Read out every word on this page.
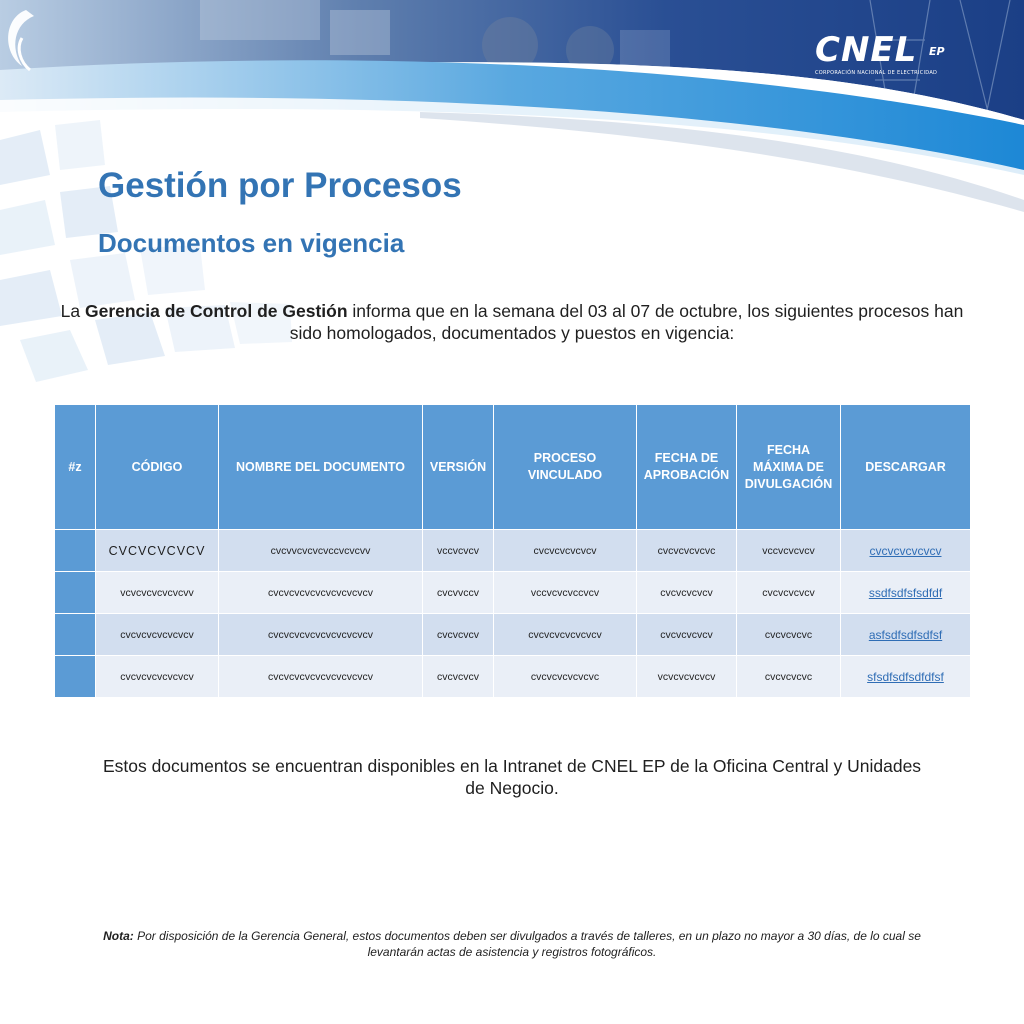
CNEL EP
CORPORACIÓN NACIONAL DE ELECTRICIDAD
Gestión por Procesos
Documentos en vigencia

La Gerencia de Control de Gestión informa que en la semana del 03 al 07 de octubre, los siguientes procesos han sido homologados, documentados y puestos en vigencia:

#z	CÓDIGO	NOMBRE DEL DOCUMENTO	VERSIÓN	PROCESO VINCULADO	FECHA DE APROBACIÓN	FECHA MÁXIMA DE DIVULGACIÓN	DESCARGAR
	CVCVCVCVCV	cvcvvcvcvcvccvcvcvv	vccvcvcv	cvcvcvcvcvcv	cvcvcvcvcvc	vccvcvcvcv	cvcvcvcvcvcv
	vcvcvcvcvcvcvv	cvcvcvcvcvcvcvcvcvcv	cvcvvccv	vccvcvcvccvcv	cvcvcvcvcv	cvcvcvcvcv	ssdfsdfsfsdfdf
	cvcvcvcvcvcvcv	cvcvcvcvcvcvcvcvcvcv	cvcvcvcv	cvcvcvcvcvcvcv	cvcvcvcvcv	cvcvcvcvc	asfsdfsdfsdfsf
	cvcvcvcvcvcvcv	cvcvcvcvcvcvcvcvcvcv	cvcvcvcv	cvcvcvcvcvcvc	vcvcvcvcvcv	cvcvcvcvc	sfsdfsdfsdfdfsf

Estos documentos se encuentran disponibles en la Intranet de CNEL EP de la Oficina Central y Unidades de Negocio.

Nota: Por disposición de la Gerencia General, estos documentos deben ser divulgados a través de talleres, en un plazo no mayor a 30 días, de lo cual se levantarán actas de asistencia y registros fotográficos.
